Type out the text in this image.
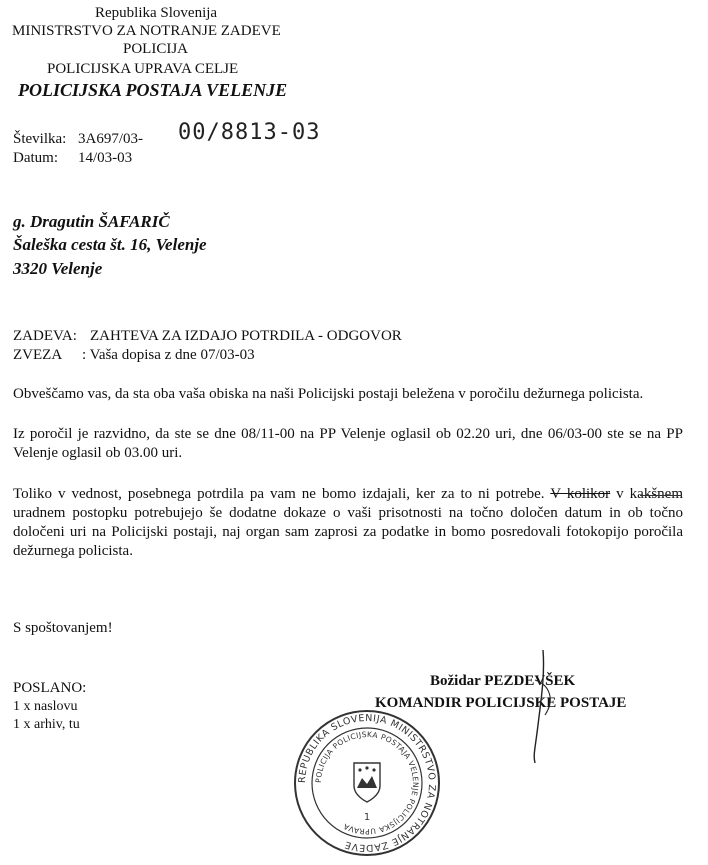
Republika Slovenija
MINISTRSTVO ZA NOTRANJE ZADEVE
POLICIJA
POLICIJSKA UPRAVA CELJE
POLICIJSKA POSTAJA VELENJE
Številka: 3A697/03- 00/8813-03
Datum: 14/03-03
g. Dragutin ŠAFARIČ
Šaleška cesta št. 16, Velenje
3320 Velenje
ZADEVA: ZAHTEVA ZA IZDAJO POTRDILA - ODGOVOR
ZVEZA : Vaša dopisa z dne 07/03-03
Obveščamo vas, da sta oba vaša obiska na naši Policijski postaji beležena v poročilu dežurnega policista.
Iz poročil je razvidno, da ste se dne 08/11-00 na PP Velenje oglasil ob 02.20 uri, dne 06/03-00 ste se na PP Velenje oglasil ob 03.00 uri.
Toliko v vednost, posebnega potrdila pa vam ne bomo izdajali, ker za to ni potrebe. V kolikor v kakšnem uradnem postopku potrebujejo še dodatne dokaze o vaši prisotnosti na točno določen datum in ob točno določeni uri na Policijski postaji, naj organ sam zaprosi za podatke in bomo posredovali fotokopijo poročila dežurnega policista.
S spoštovanjem!
POSLANO:
1 x naslovu
1 x arhiv, tu
Božidar PEZDEVŠEK
KOMANDIR POLICIJSKE POSTAJE
REPUBLIKA SLOVENIJA MINISTRSTVO ZA NOTRANJE ZADEVE
POLICIJA POLICIJSKA POSTAJA VELENJE POLICIJSKA UPRAVA
1
